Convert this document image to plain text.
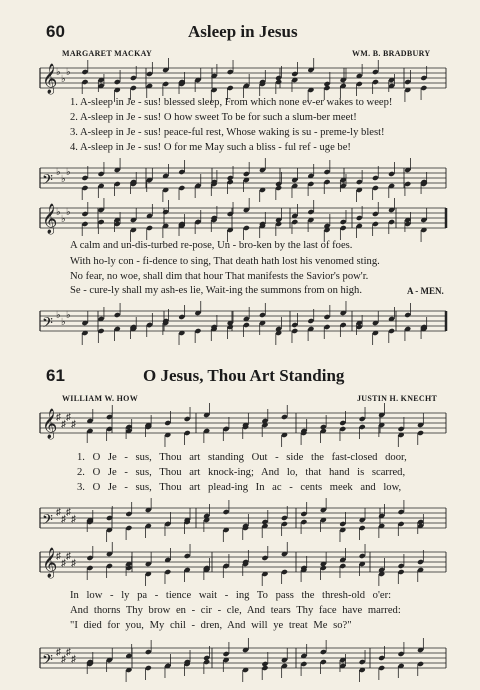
60	Asleep in Jesus
MARGARET MACKAY	WM. B. BRADBURY
𝄞
♭
♭
♭
1. A-sleep in Je - sus! blessed sleep, From which none ev-er wakes to weep!
2. A-sleep in Je - sus! O how sweet To be for such a slum-ber meet!
3. A-sleep in Je - sus! peace-ful rest, Whose waking is su - preme-ly blest!
4. A-sleep in Je - sus! O for me May such a bliss - ful ref - uge be!
𝄢 ♭
♭
♭
𝄞
♭
♭
♭
A calm and un-dis-turbed re-pose, Un - bro-ken by the last of foes.
With ho-ly con - fi-dence to sing, That death hath lost his venomed sting.
No fear, no woe, shall dim that hour That manifests the Savior's pow'r.
Se - cure-ly shall my ash-es lie, Wait-ing the summons from on high.	A - MEN.
𝄢 ♭
♭
♭
61	O Jesus, Thou Art Standing
WILLIAM W. HOW	JUSTIN H. KNECHT
𝄞
♯
♯
♯
♯
1. O Je - sus, Thou art standing Out - side the fast-closed door,
2. O Je - sus, Thou art knock-ing; And lo, that hand is scarred,
3. O Je - sus, Thou art plead-ing In ac - cents meek and low,
𝄢 ♯
♯
♯
♯
𝄞
♯
♯
♯
♯
In low - ly pa - tience wait - ing To pass the thresh-old o'er:
And thorns Thy brow en - cir - cle, And tears Thy face have marred:
"I died for you, My chil - dren, And will ye treat Me so?"
𝄢 ♯
♯
♯
♯
